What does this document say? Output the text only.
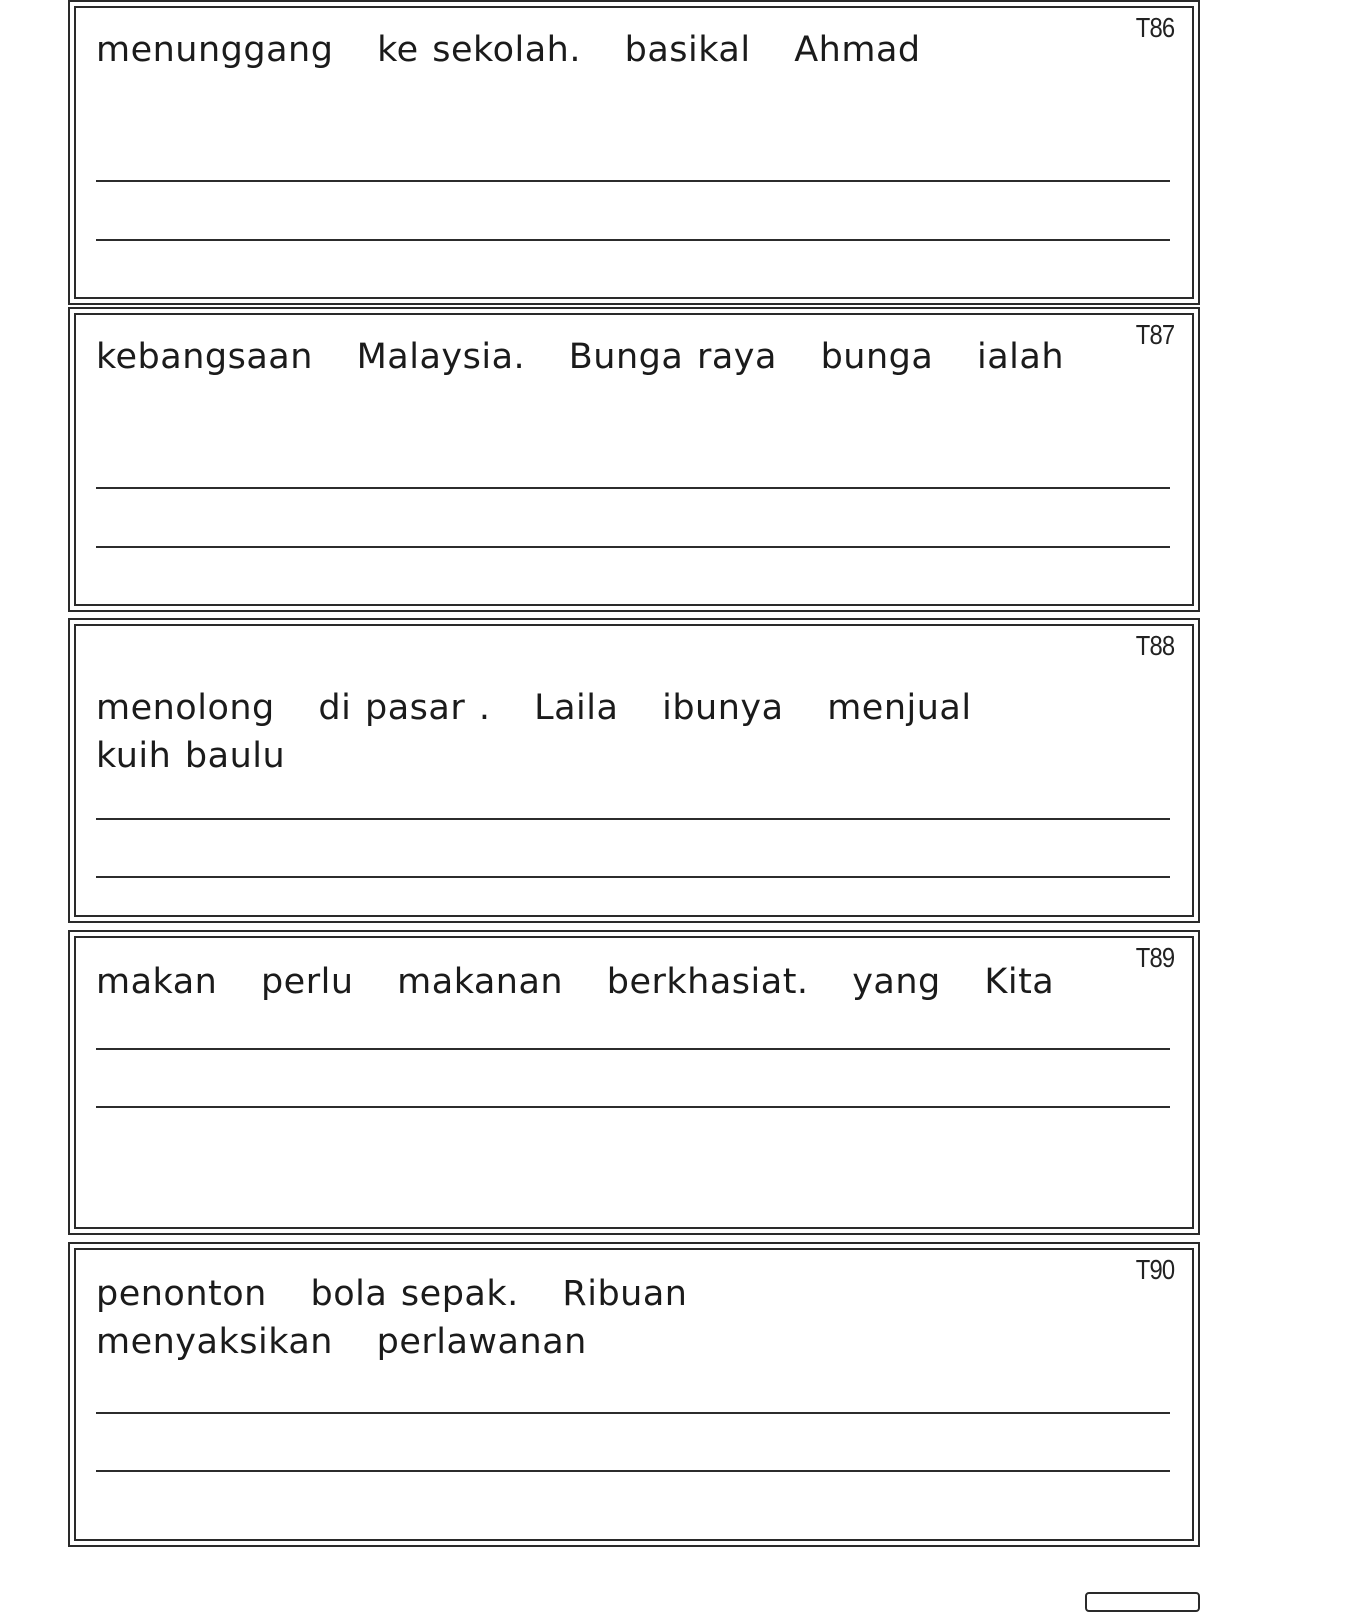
T86
menunggang ke sekolah. basikal Ahmad
T87
kebangsaan Malaysia. Bunga raya bunga ialah
T88
menolong di pasar . Laila ibunya menjual kuih baulu
T89
makan perlu makanan berkhasiat. yang Kita
T90
penonton bola sepak. Ribuan menyaksikan perlawanan
